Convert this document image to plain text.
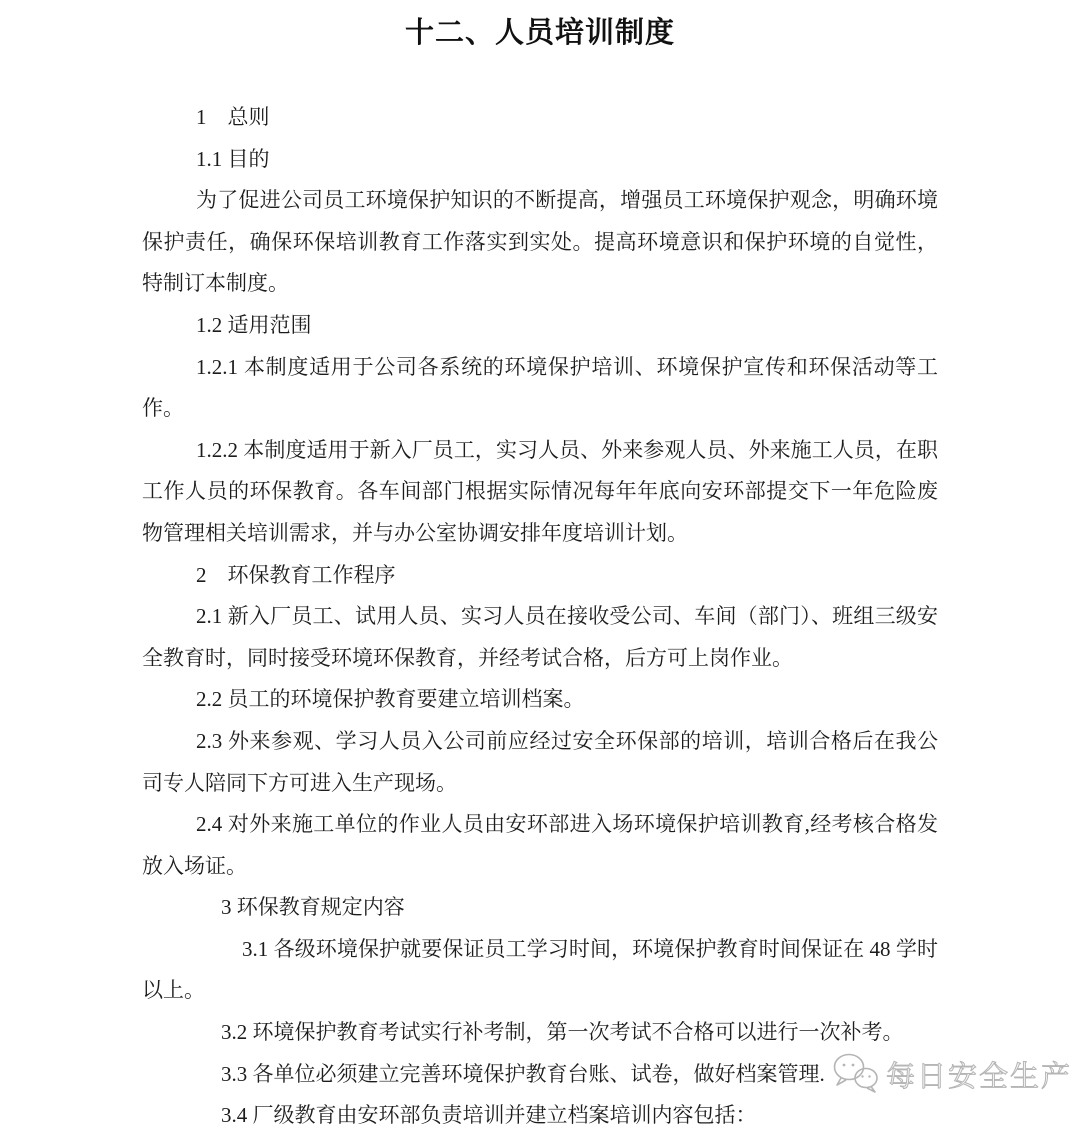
十二、人员培训制度

1　总则

1.1 目的

为了促进公司员工环境保护知识的不断提高，增强员工环境保护观念，明确环境保护责任，确保环保培训教育工作落实到实处。提高环境意识和保护环境的自觉性，特制订本制度。

1.2 适用范围

1.2.1 本制度适用于公司各系统的环境保护培训、环境保护宣传和环保活动等工作。

1.2.2 本制度适用于新入厂员工，实习人员、外来参观人员、外来施工人员，在职工作人员的环保教育。各车间部门根据实际情况每年年底向安环部提交下一年危险废物管理相关培训需求，并与办公室协调安排年度培训计划。

2　环保教育工作程序

2.1 新入厂员工、试用人员、实习人员在接收受公司、车间（部门）、班组三级安全教育时，同时接受环境环保教育，并经考试合格，后方可上岗作业。

2.2 员工的环境保护教育要建立培训档案。

2.3 外来参观、学习人员入公司前应经过安全环保部的培训，培训合格后在我公司专人陪同下方可进入生产现场。

2.4 对外来施工单位的作业人员由安环部进入场环境保护培训教育,经考核合格发放入场证。

3 环保教育规定内容

3.1 各级环境保护就要保证员工学习时间，环境保护教育时间保证在 48 学时以上。

3.2 环境保护教育考试实行补考制，第一次考试不合格可以进行一次补考。

3.3 各单位必须建立完善环境保护教育台账、试卷，做好档案管理.

3.4 厂级教育由安环部负责培训并建立档案培训内容包括：

每日安全生产
